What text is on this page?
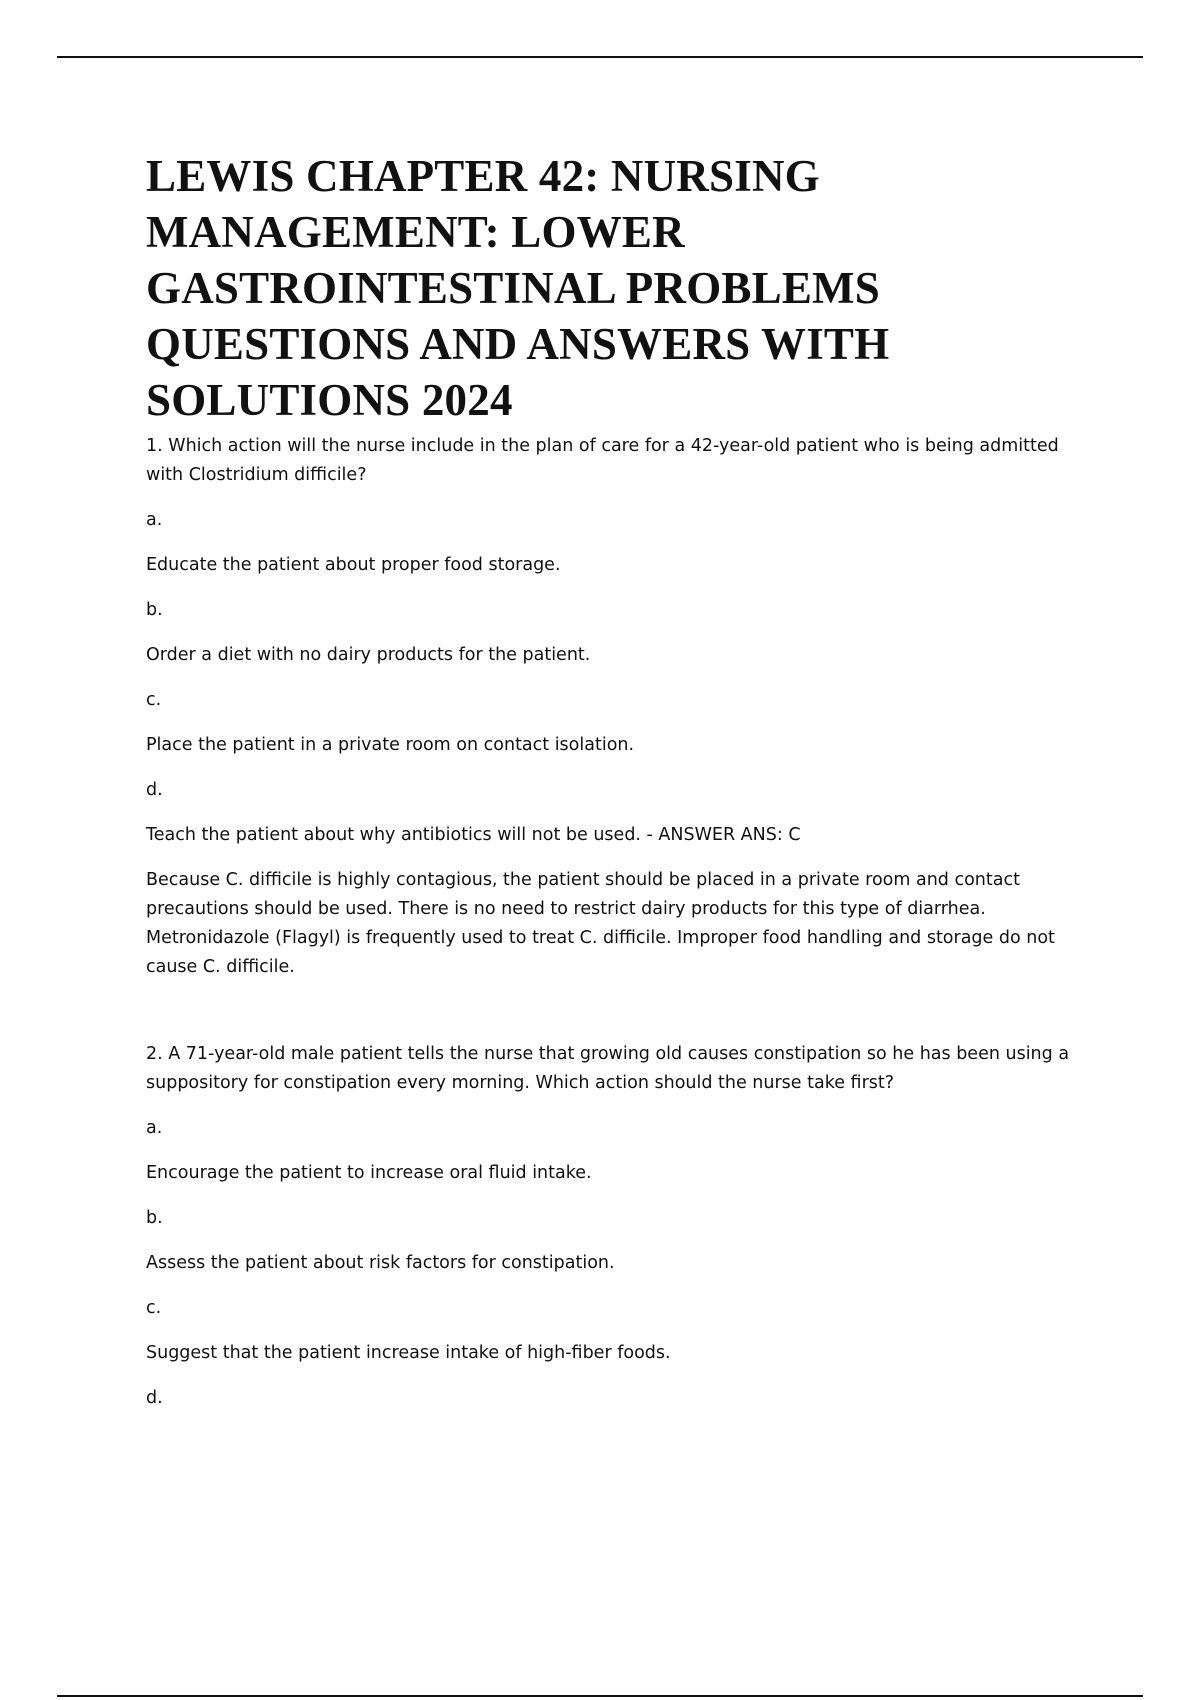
LEWIS CHAPTER 42: NURSING MANAGEMENT: LOWER GASTROINTESTINAL PROBLEMS QUESTIONS AND ANSWERS WITH SOLUTIONS 2024

1. Which action will the nurse include in the plan of care for a 42-year-old patient who is being admitted with Clostridium difficile?

a.

Educate the patient about proper food storage.

b.

Order a diet with no dairy products for the patient.

c.

Place the patient in a private room on contact isolation.

d.

Teach the patient about why antibiotics will not be used. - ANSWER ANS: C

Because C. difficile is highly contagious, the patient should be placed in a private room and contact precautions should be used. There is no need to restrict dairy products for this type of diarrhea. Metronidazole (Flagyl) is frequently used to treat C. difficile. Improper food handling and storage do not cause C. difficile.

2. A 71-year-old male patient tells the nurse that growing old causes constipation so he has been using a suppository for constipation every morning. Which action should the nurse take first?

a.

Encourage the patient to increase oral fluid intake.

b.

Assess the patient about risk factors for constipation.

c.

Suggest that the patient increase intake of high-fiber foods.

d.
